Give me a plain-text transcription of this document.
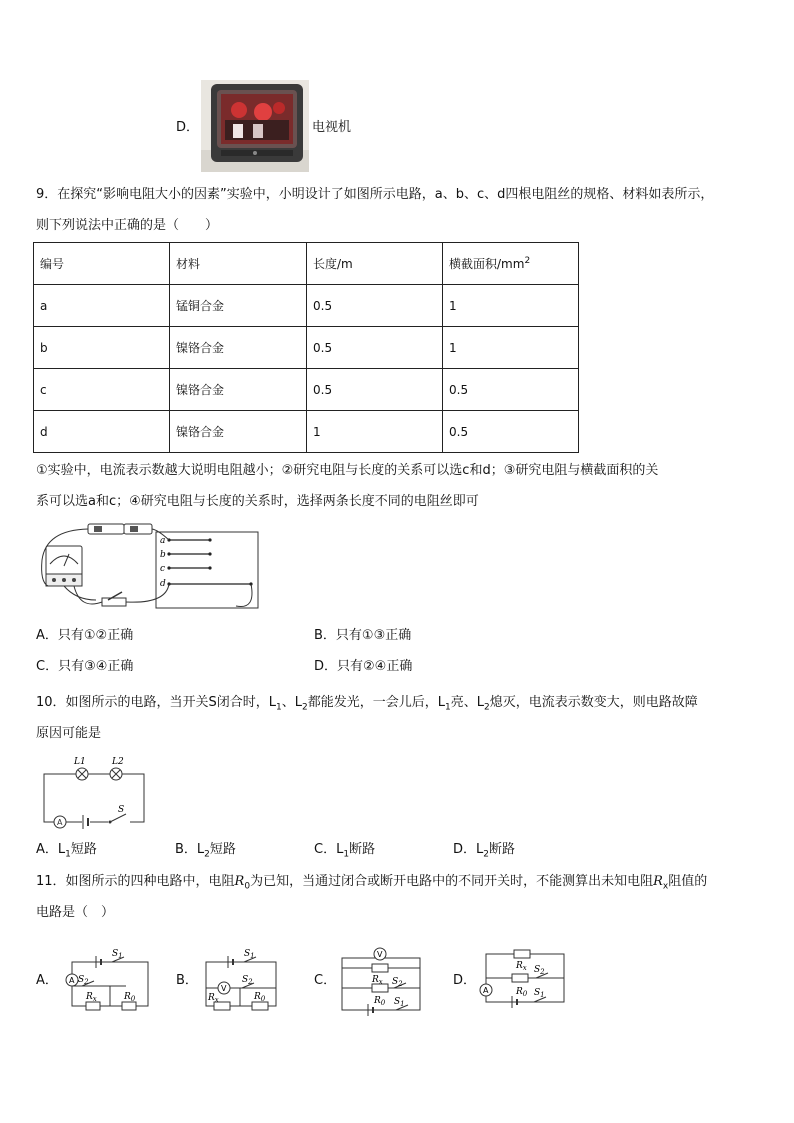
D．	电视机
9．在探究“影响电阻大小的因素”实验中，小明设计了如图所示电路，a、b、c、d四根电阻丝的规格、材料如表所示，
则下列说法中正确的是（　　）
编号	材料	长度/m	横截面积$/mm^2$
a	锰铜合金	0.5	1
b	镍铬合金	0.5	1
c	镍铬合金	0.5	0.5
d	镍铬合金	1	0.5
①实验中，电流表示数越大说明电阻越小；②研究电阻与长度的关系可以选c和d；③研究电阻与横截面积的关
系可以选a和c；④研究电阻与长度的关系时，选择两条长度不同的电阻丝即可
a
b
c
d
A．只有①②正确	B．只有①③正确
C．只有③④正确	D．只有②④正确
10．如图所示的电路，当开关S闭合时，$L_1$、$L_2$都能发光，一会儿后，$L_1$亮、$L_2$熄灭，电流表示数变大，则电路故障
原因可能是
L1	L2
A
S
A．$L_1$短路	B．$L_2$短路	C．$L_1$断路	D．$L_2$断路
11．如图所示的四种电路中，电阻$R_0$为已知，当通过闭合或断开电路中的不同开关时，不能测算出未知电阻$R_x$阻值的
电路是（　）
A．
$S_1$
A $S_2$
$R_x$	$R_0$
B．
$S_1$
$S_2$
V
$R_x$	$R_0$
C．
V
$R_x$ $S_2$
$R_0$ $S_1$
D．
$R_x$ $S_2$
$R_0$
A	$S_1$
